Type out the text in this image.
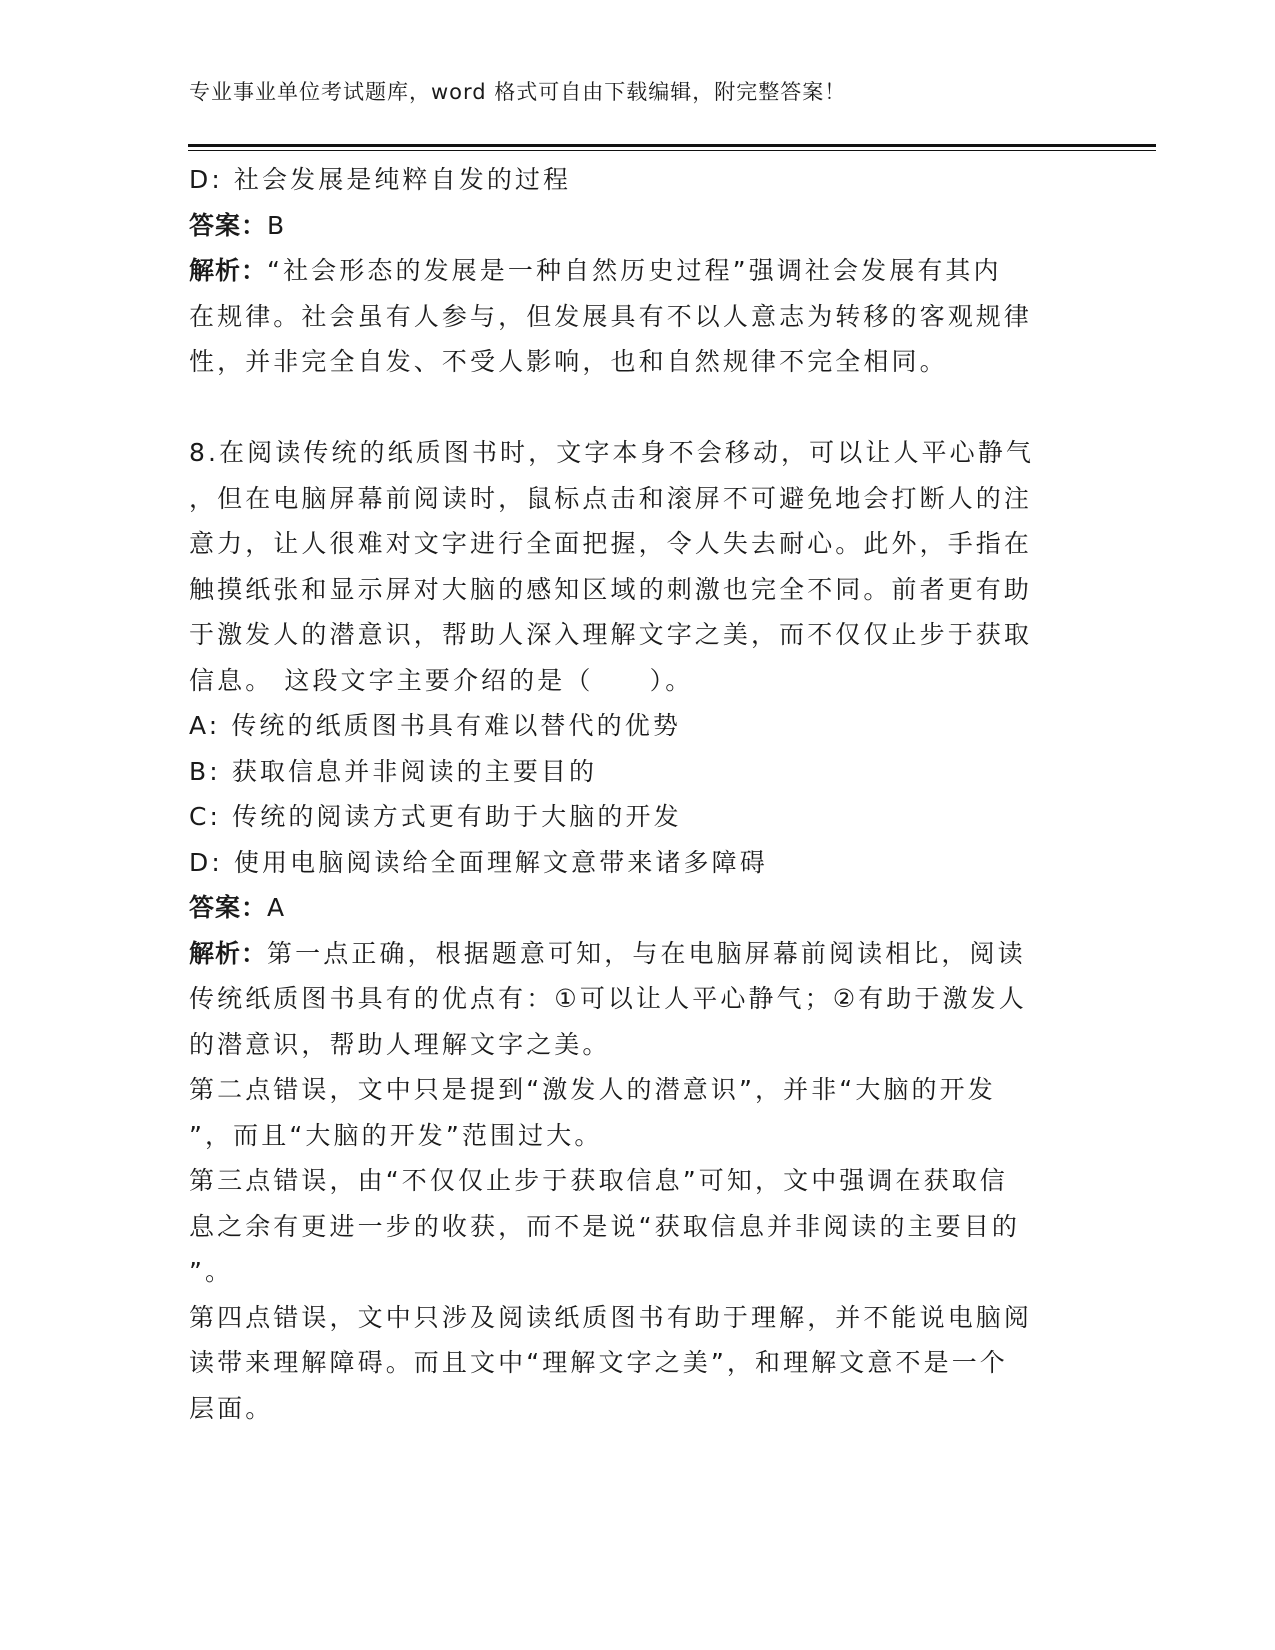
专业事业单位考试题库，word 格式可自由下载编辑，附完整答案！
D: 社会发展是纯粹自发的过程
答案：B
解析：“社会形态的发展是一种自然历史过程”强调社会发展有其内
在规律。社会虽有人参与，但发展具有不以人意志为转移的客观规律
性，并非完全自发、不受人影响，也和自然规律不完全相同。
8.在阅读传统的纸质图书时，文字本身不会移动，可以让人平心静气
，但在电脑屏幕前阅读时，鼠标点击和滚屏不可避免地会打断人的注
意力，让人很难对文字进行全面把握，令人失去耐心。此外，手指在
触摸纸张和显示屏对大脑的感知区域的刺激也完全不同。前者更有助
于激发人的潜意识，帮助人深入理解文字之美，而不仅仅止步于获取
信息。 这段文字主要介绍的是（　　）。
A: 传统的纸质图书具有难以替代的优势
B: 获取信息并非阅读的主要目的
C: 传统的阅读方式更有助于大脑的开发
D: 使用电脑阅读给全面理解文意带来诸多障碍
答案：A
解析：第一点正确，根据题意可知，与在电脑屏幕前阅读相比，阅读
传统纸质图书具有的优点有：①可以让人平心静气；②有助于激发人
的潜意识，帮助人理解文字之美。
第二点错误，文中只是提到“激发人的潜意识”，并非“大脑的开发
”，而且“大脑的开发”范围过大。
第三点错误，由“不仅仅止步于获取信息”可知，文中强调在获取信
息之余有更进一步的收获，而不是说“获取信息并非阅读的主要目的
”。
第四点错误，文中只涉及阅读纸质图书有助于理解，并不能说电脑阅
读带来理解障碍。而且文中“理解文字之美”，和理解文意不是一个
层面。
